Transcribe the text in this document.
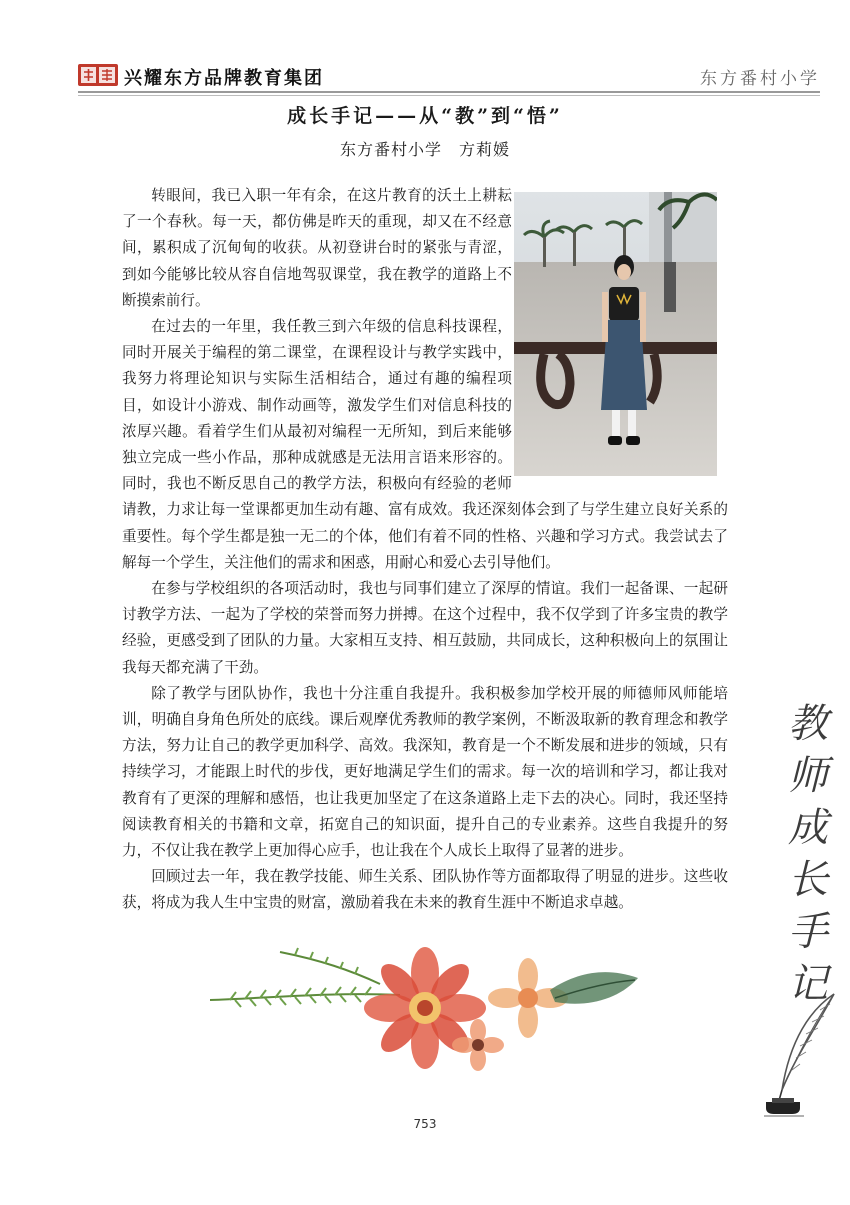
兴耀东方品牌教育集团	东方番村小学
成长手记——从“教”到“悟”
东方番村小学　方莉媛

转眼间，我已入职一年有余，在这片教育的沃土上耕耘了一个春秋。每一天，都仿佛是昨天的重现，却又在不经意间，累积成了沉甸甸的收获。从初登讲台时的紧张与青涩，到如今能够比较从容自信地驾驭课堂，我在教学的道路上不断摸索前行。

在过去的一年里，我任教三到六年级的信息科技课程，同时开展关于编程的第二课堂，在课程设计与教学实践中，我努力将理论知识与实际生活相结合，通过有趣的编程项目，如设计小游戏、制作动画等，激发学生们对信息科技的浓厚兴趣。看着学生们从最初对编程一无所知，到后来能够独立完成一些小作品，那种成就感是无法用言语来形容的。同时，我也不断反思自己的教学方法，积极向有经验的老师请教，力求让每一堂课都更加生动有趣、富有成效。我还深刻体会到了与学生建立良好关系的重要性。每个学生都是独一无二的个体，他们有着不同的性格、兴趣和学习方式。我尝试去了解每一个学生，关注他们的需求和困惑，用耐心和爱心去引导他们。

在参与学校组织的各项活动时，我也与同事们建立了深厚的情谊。我们一起备课、一起研讨教学方法、一起为了学校的荣誉而努力拼搏。在这个过程中，我不仅学到了许多宝贵的教学经验，更感受到了团队的力量。大家相互支持、相互鼓励，共同成长，这种积极向上的氛围让我每天都充满了干劲。

除了教学与团队协作，我也十分注重自我提升。我积极参加学校开展的师德师风师能培训，明确自身角色所处的底线。课后观摩优秀教师的教学案例，不断汲取新的教育理念和教学方法，努力让自己的教学更加科学、高效。我深知，教育是一个不断发展和进步的领域，只有持续学习，才能跟上时代的步伐，更好地满足学生们的需求。每一次的培训和学习，都让我对教育有了更深的理解和感悟，也让我更加坚定了在这条道路上走下去的决心。同时，我还坚持阅读教育相关的书籍和文章，拓宽自己的知识面，提升自己的专业素养。这些自我提升的努力，不仅让我在教学上更加得心应手，也让我在个人成长上取得了显著的进步。

回顾过去一年，我在教学技能、师生关系、团队协作等方面都取得了明显的进步。这些收获，将成为我人生中宝贵的财富，激励着我在未来的教育生涯中不断追求卓越。

教
师
成
长
手
记
753
